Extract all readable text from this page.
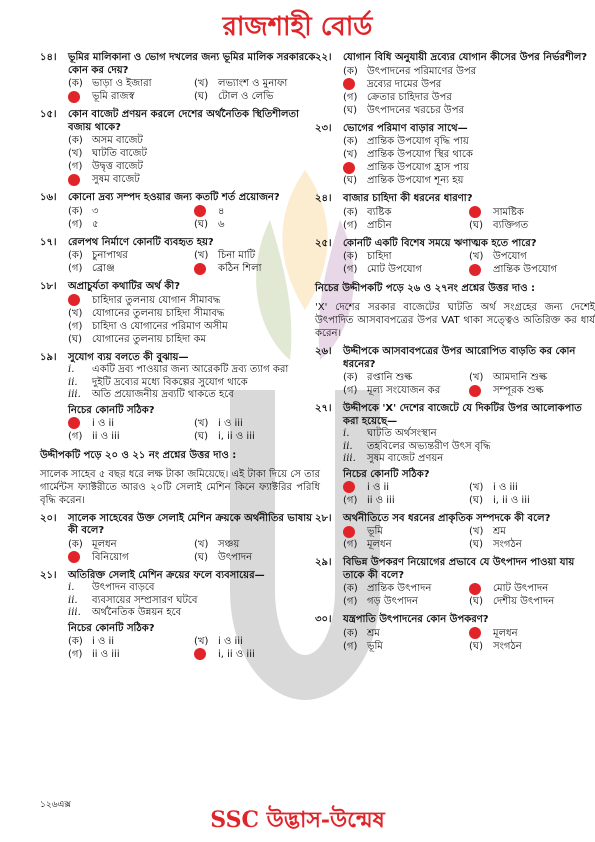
রাজশাহী বোর্ড
১৪।	ভূমির মালিকানা ও ভোগ দখলের জন্য ভূমির মালিক সরকারকে কোন কর দেয়?
(ক) ভাড়া ও ইজারা	(খ) লভ্যাংশ ও মুনাফা
ভূমি রাজস্ব	(ঘ)	টোল ও লেভি
১৫।	কোন বাজেট প্রণয়ন করলে দেশের অর্থনৈতিক স্থিতিশীলতা বজায় থাকে?
(ক) অসম বাজেট
(খ) ঘাটতি বাজেট
(গ) উদ্বৃত্ত বাজেট
সুষম বাজেট
১৬।	কোনো দ্রব্য সম্পদ হওয়ার জন্য কতটি শর্ত প্রয়োজন?
(ক) ৩	৪
(গ) ৫	(ঘ)	৬
১৭।	রেলপথ নির্মাণে কোনটি ব্যবহৃত হয়?
(ক) চুনাপাথর	(খ) চিনা মাটি
(গ) ব্রোঞ্জ	কঠিন শিলা
১৮।	অপ্রাচুর্যতা কথাটির অর্থ কী?
চাহিদার তুলনায় যোগান সীমাবদ্ধ
(খ) যোগানের তুলনায় চাহিদা সীমাবদ্ধ
(গ) চাহিদা ও যোগানের পরিমাণ অসীম
(ঘ)	যোগানের তুলনায় চাহিদা কম
১৯।	সুযোগ ব্যয় বলতে কী বুঝায়—
i.	একটি দ্রব্য পাওয়ার জন্য আরেকটি দ্রব্য ত্যাগ করা
ii.	দুইটি দ্রব্যের মধ্যে বিকল্পের সুযোগ থাকে
iii.	অতি প্রয়োজনীয় দ্রব্যটি থাকতে হবে
নিচের কোনটি সঠিক?
i ও ii	(খ) i ও iii
(গ) ii ও iii	(ঘ)	i, ii ও iii
উদ্দীপকটি পড়ে ২০ ও ২১ নং প্রশ্নের উত্তর দাও :
সালেক সাহেব ৫ বছর ধরে লক্ষ টাকা জমিয়েছে। এই টাকা দিয়ে সে তার গার্মেন্টস ফ্যাক্টরীতে আরও ২০টি সেলাই মেশিন কিনে ফ্যাক্টরির পরিধি বৃদ্ধি করেন।
২০।	সালেক সাহেবের উক্ত সেলাই মেশিন ক্রয়কে অর্থনীতির ভাষায় কী বলে?
(ক) মূলধন	(খ) সঞ্চয়
বিনিয়োগ	(ঘ)	উৎপাদন
২১।	অতিরিক্ত সেলাই মেশিন ক্রয়ের ফলে ব্যবসায়ের—
i.	উৎপাদন বাড়বে
ii.	ব্যবসায়ের সম্প্রসারণ ঘটবে
iii.	অর্থনৈতিক উন্নয়ন হবে
নিচের কোনটি সঠিক?
(ক) i ও ii	(খ) i ও iii
(গ) ii ও iii	i, ii ও iii
২২।	যোগান বিধি অনুযায়ী দ্রব্যের যোগান কীসের উপর নির্ভরশীল?
(ক) উৎপাদনের পরিমাণের উপর
দ্রব্যের দামের উপর
(গ) ক্রেতার চাহিদার উপর
(ঘ)	উৎপাদনের খরচের উপর
২৩।	ভোগের পরিমাণ বাড়ার সাথে—
(ক) প্রান্তিক উপযোগ বৃদ্ধি পায়
(খ) প্রান্তিক উপযোগ স্থির থাকে
প্রান্তিক উপযোগ হ্রাস পায়
(ঘ)	প্রান্তিক উপযোগ শূন্য হয়
২৪।	বাজার চাহিদা কী ধরনের ধারণা?
(ক) ব্যষ্টিক	সামষ্টিক
(গ) প্রাচীন	(ঘ)	ব্যক্তিগত
২৫।	কোনটি একটি বিশেষ সময়ে ঋণাত্মক হতে পারে?
(ক) চাহিদা	(খ) উপযোগ
(গ) মোট উপযোগ	প্রান্তিক উপযোগ
নিচের উদ্দীপকটি পড়ে ২৬ ও ২৭নং প্রশ্নের উত্তর দাও :
'X' দেশের সরকার বাজেটের ঘাটতি অর্থ সংগ্রহের জন্য দেশেই উৎপাদিত আসবাবপত্রের উপর VAT থাকা সত্ত্বেও অতিরিক্ত কর ধার্য করেন।
২৬।	উদ্দীপকে আসবাবপত্রের উপর আরোপিত বাড়তি কর কোন ধরনের?
(ক) রপ্তানি শুল্ক	(খ) আমদানি শুল্ক
(গ) মূল্য সংযোজন কর	সম্পূরক শুল্ক
২৭।	উদ্দীপকে 'X' দেশের বাজেটে যে দিকটির উপর আলোকপাত করা হয়েছে—
i.	ঘাটতি অর্থসংস্থান
ii.	তহবিলের অভ্যন্তরীণ উৎস বৃদ্ধি
iii.	সুষম বাজেট প্রণয়ন
নিচের কোনটি সঠিক?
i ও ii	(খ) i ও iii
(গ) ii ও iii	(ঘ)	i, ii ও iii
২৮।	অর্থনীতিতে সব ধরনের প্রাকৃতিক সম্পদকে কী বলে?
ভূমি	(খ) শ্রম
(গ) মূলধন	(ঘ)	সংগঠন
২৯।	বিভিন্ন উপকরণ নিয়োগের প্রভাবে যে উৎপাদন পাওয়া যায় তাকে কী বলে?
(ক) প্রান্তিক উৎপাদন	মোট উৎপাদন
(গ) গড় উৎপাদন	(ঘ)	দেশীয় উৎপাদন
৩০।	যন্ত্রপাতি উৎপাদনের কোন উপকরণ?
(ক) শ্রম	মূলধন
(গ) ভূমি	(ঘ)	সংগঠন
১২৬এক্স
SSC উদ্ভাস-উন্মেষ
